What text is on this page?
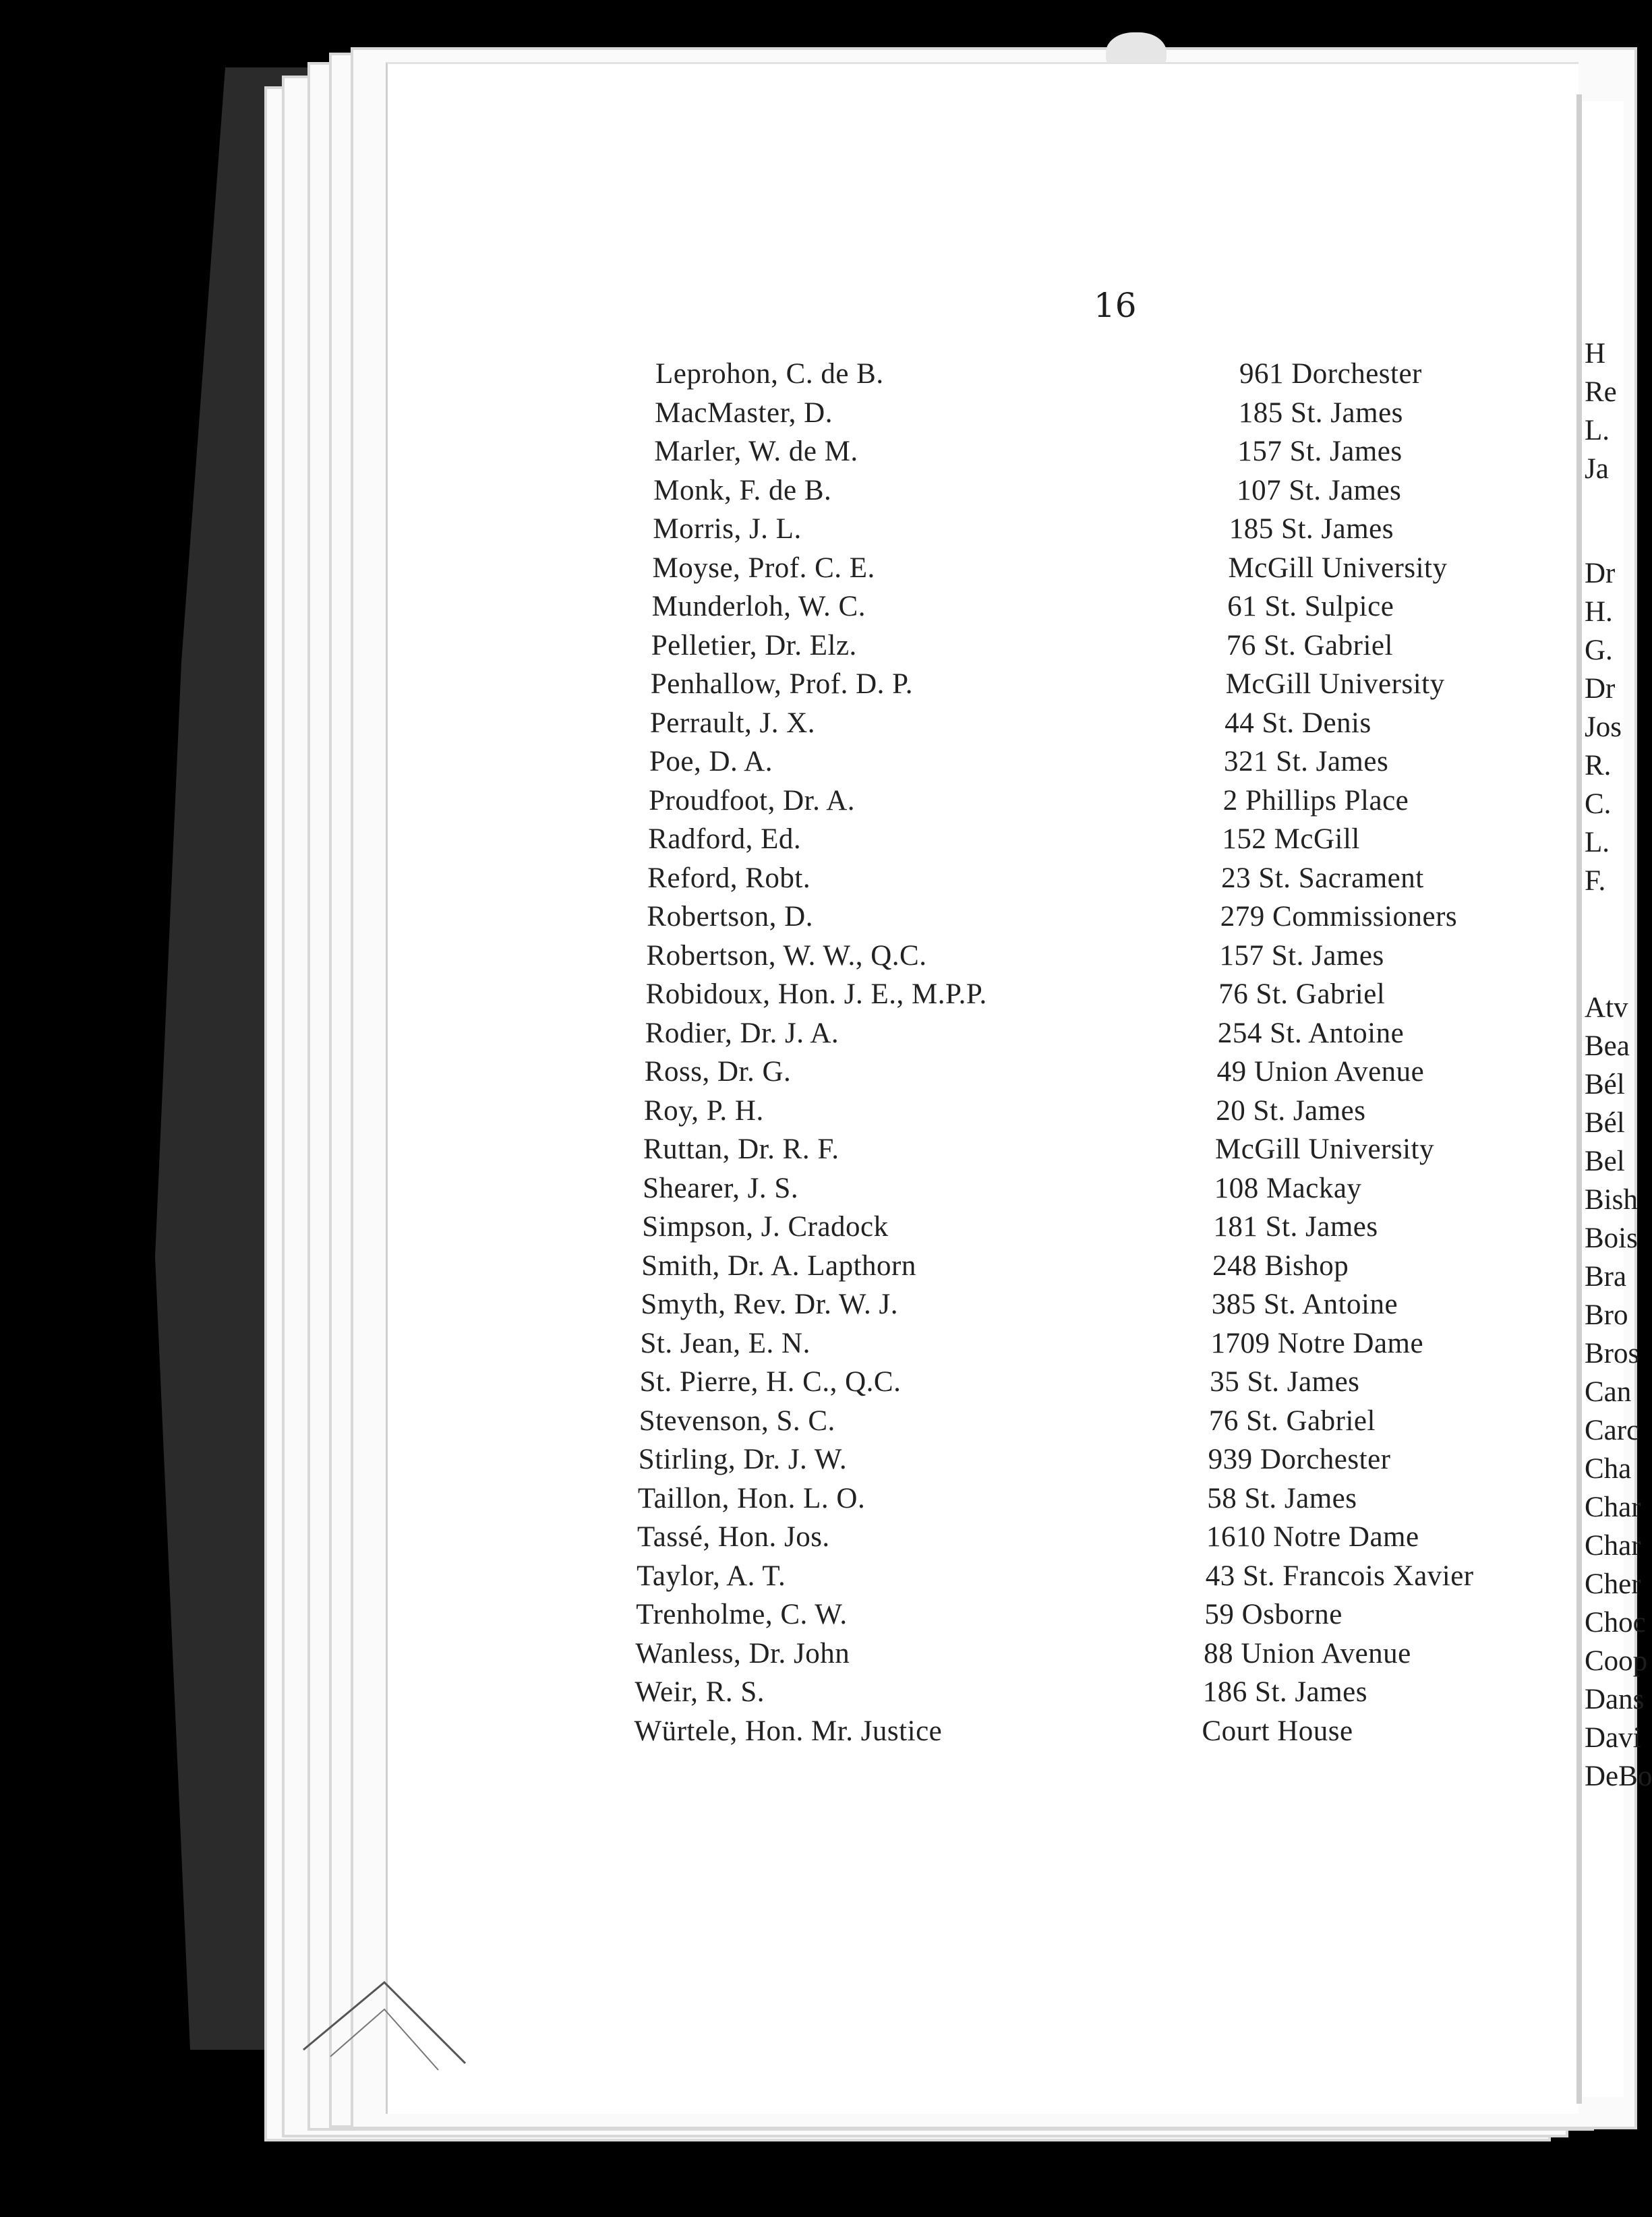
H
Re
L.
Ja
Dr
H.
G.
Dr
Jos
R.
C.
L.
F.
Atv
Bea
Bél
Bél
Bel
Bish
Bois
Bra
Bro
Bros
Can
Carc
Cha
Char
Char
Cher
Choc
Coop
Dans
Davi
DeBo
16
Leprohon, C. de B.	961 Dorchester
MacMaster, D.	185 St. James
Marler, W. de M.	157 St. James
Monk, F. de B.	107 St. James
Morris, J. L.	185 St. James
Moyse, Prof. C. E.	McGill University
Munderloh, W. C.	61 St. Sulpice
Pelletier, Dr. Elz.	76 St. Gabriel
Penhallow, Prof. D. P.	McGill University
Perrault, J. X.	44 St. Denis
Poe, D. A.	321 St. James
Proudfoot, Dr. A.	2 Phillips Place
Radford, Ed.	152 McGill
Reford, Robt.	23 St. Sacrament
Robertson, D.	279 Commissioners
Robertson, W. W., Q.C.	157 St. James
Robidoux, Hon. J. E., M.P.P.	76 St. Gabriel
Rodier, Dr. J. A.	254 St. Antoine
Ross, Dr. G.	49 Union Avenue
Roy, P. H.	20 St. James
Ruttan, Dr. R. F.	McGill University
Shearer, J. S.	108 Mackay
Simpson, J. Cradock	181 St. James
Smith, Dr. A. Lapthorn	248 Bishop
Smyth, Rev. Dr. W. J.	385 St. Antoine
St. Jean, E. N.	1709 Notre Dame
St. Pierre, H. C., Q.C.	35 St. James
Stevenson, S. C.	76 St. Gabriel
Stirling, Dr. J. W.	939 Dorchester
Taillon, Hon. L. O.	58 St. James
Tassé, Hon. Jos.	1610 Notre Dame
Taylor, A. T.	43 St. Francois Xavier
Trenholme, C. W.	59 Osborne
Wanless, Dr. John	88 Union Avenue
Weir, R. S.	186 St. James
Würtele, Hon. Mr. Justice	Court House
